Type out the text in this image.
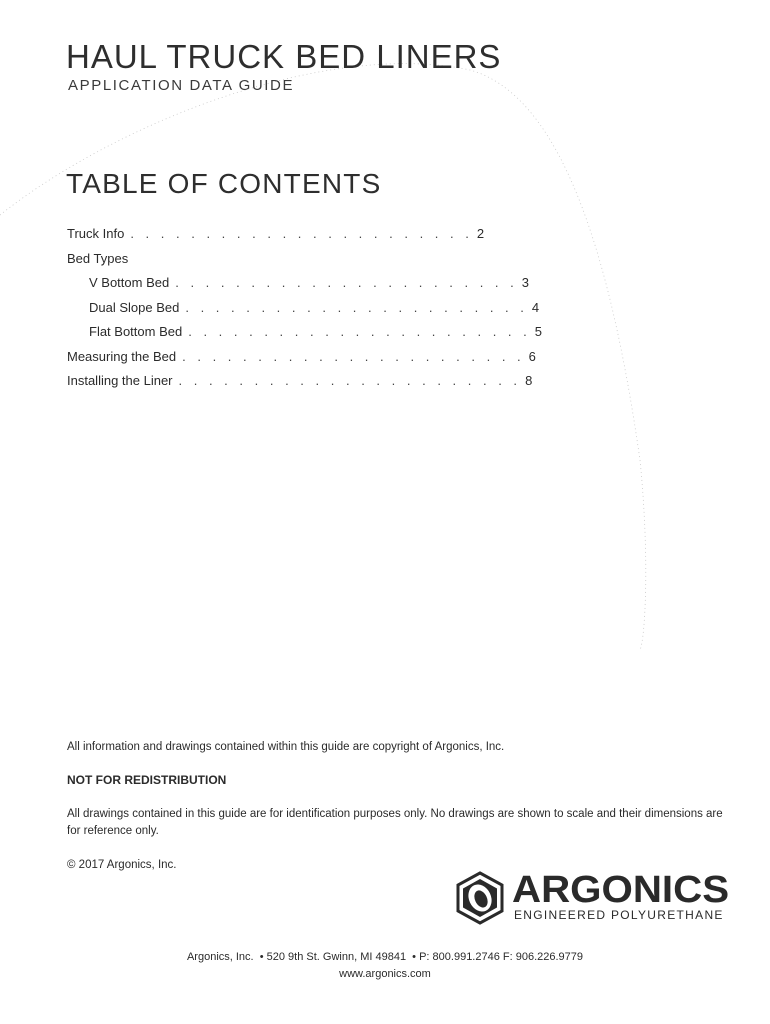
HAUL TRUCK BED LINERS
APPLICATION DATA GUIDE
TABLE OF CONTENTS
Truck Info . . . . . . . . . . . . . . . . . . . . . . . 2
Bed Types
V Bottom Bed . . . . . . . . . . . . . . . . . . . . . . . 3
Dual Slope Bed . . . . . . . . . . . . . . . . . . . . . . . 4
Flat Bottom Bed . . . . . . . . . . . . . . . . . . . . . . . 5
Measuring the Bed . . . . . . . . . . . . . . . . . . . . . . . 6
Installing the Liner . . . . . . . . . . . . . . . . . . . . . . . 8

All information and drawings contained within this guide are copyright of Argonics, Inc.

NOT FOR REDISTRIBUTION

All drawings contained in this guide are for identification purposes only. No drawings are shown to scale and their dimensions are for reference only.

© 2017 Argonics, Inc.

ARGONICS
ENGINEERED POLYURETHANE
Argonics, Inc. • 520 9th St. Gwinn, MI 49841 • P: 800.991.2746 F: 906.226.9779
www.argonics.com
